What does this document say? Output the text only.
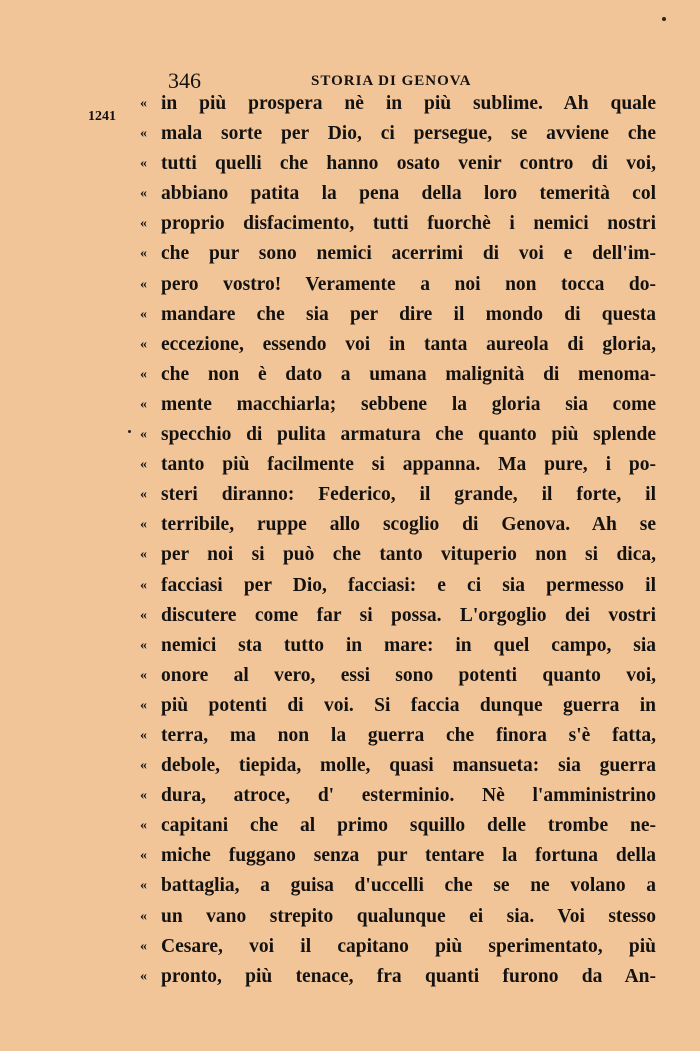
346	STORIA DI GENOVA
1241
« in più prospera nè in più sublime. Ah quale
« mala sorte per Dio, ci persegue, se avviene che
« tutti quelli che hanno osato venir contro di voi,
« abbiano patita la pena della loro temerità col
« proprio disfacimento, tutti fuorchè i nemici nostri
« che pur sono nemici acerrimi di voi e dell'im-
« pero vostro! Veramente a noi non tocca do-
« mandare che sia per dire il mondo di questa
« eccezione, essendo voi in tanta aureola di gloria,
« che non è dato a umana malignità di menoma-
« mente macchiarla; sebbene la gloria sia come
« specchio di pulita armatura che quanto più splende
« tanto più facilmente si appanna. Ma pure, i po-
« steri diranno: Federico, il grande, il forte, il
« terribile, ruppe allo scoglio di Genova. Ah se
« per noi si può che tanto vituperio non si dica,
« facciasi per Dio, facciasi: e ci sia permesso il
« discutere come far si possa. L'orgoglio dei vostri
« nemici sta tutto in mare: in quel campo, sia
« onore al vero, essi sono potenti quanto voi,
« più potenti di voi. Si faccia dunque guerra in
« terra, ma non la guerra che finora s'è fatta,
« debole, tiepida, molle, quasi mansueta: sia guerra
« dura, atroce, d' esterminio. Nè l'amministrino
« capitani che al primo squillo delle trombe ne-
« miche fuggano senza pur tentare la fortuna della
« battaglia, a guisa d'uccelli che se ne volano a
« un vano strepito qualunque ei sia. Voi stesso
« Cesare, voi il capitano più sperimentato, più
« pronto, più tenace, fra quanti furono da An-
